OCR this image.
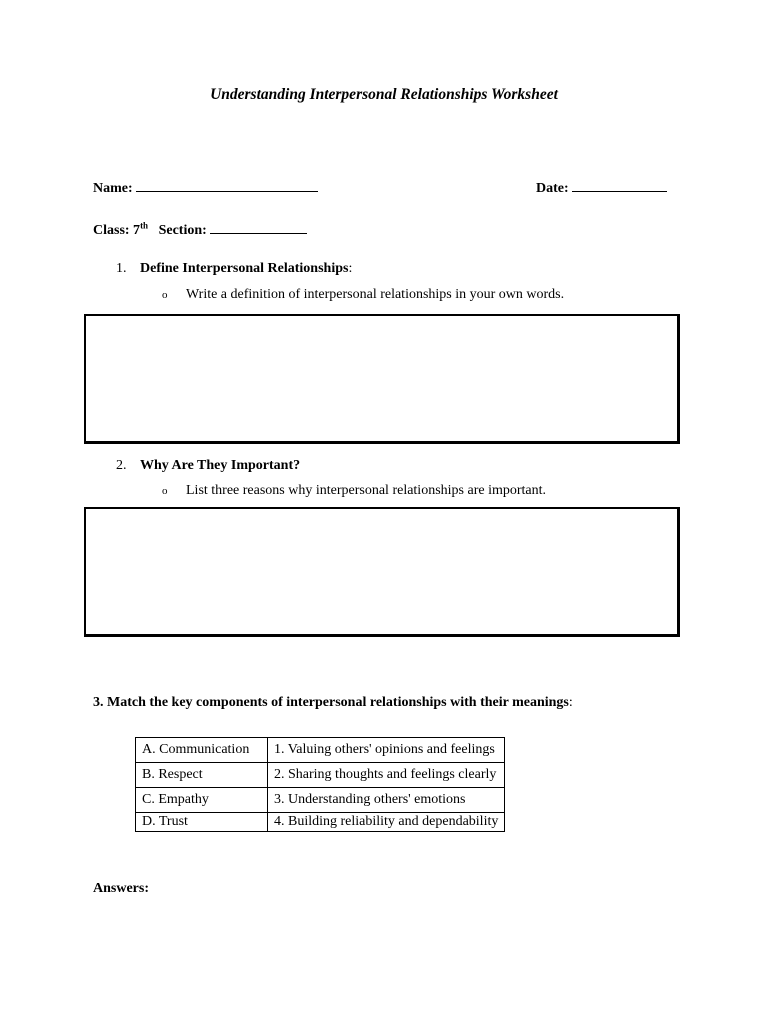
Understanding Interpersonal Relationships Worksheet
Name:	Date:
Class: 7th Section:
1. Define Interpersonal Relationships:
o Write a definition of interpersonal relationships in your own words.
2. Why Are They Important?
o List three reasons why interpersonal relationships are important.
3. Match the key components of interpersonal relationships with their meanings:
A. Communication	1. Valuing others' opinions and feelings
B. Respect	2. Sharing thoughts and feelings clearly
C. Empathy	3. Understanding others' emotions
D. Trust	4. Building reliability and dependability
Answers:
